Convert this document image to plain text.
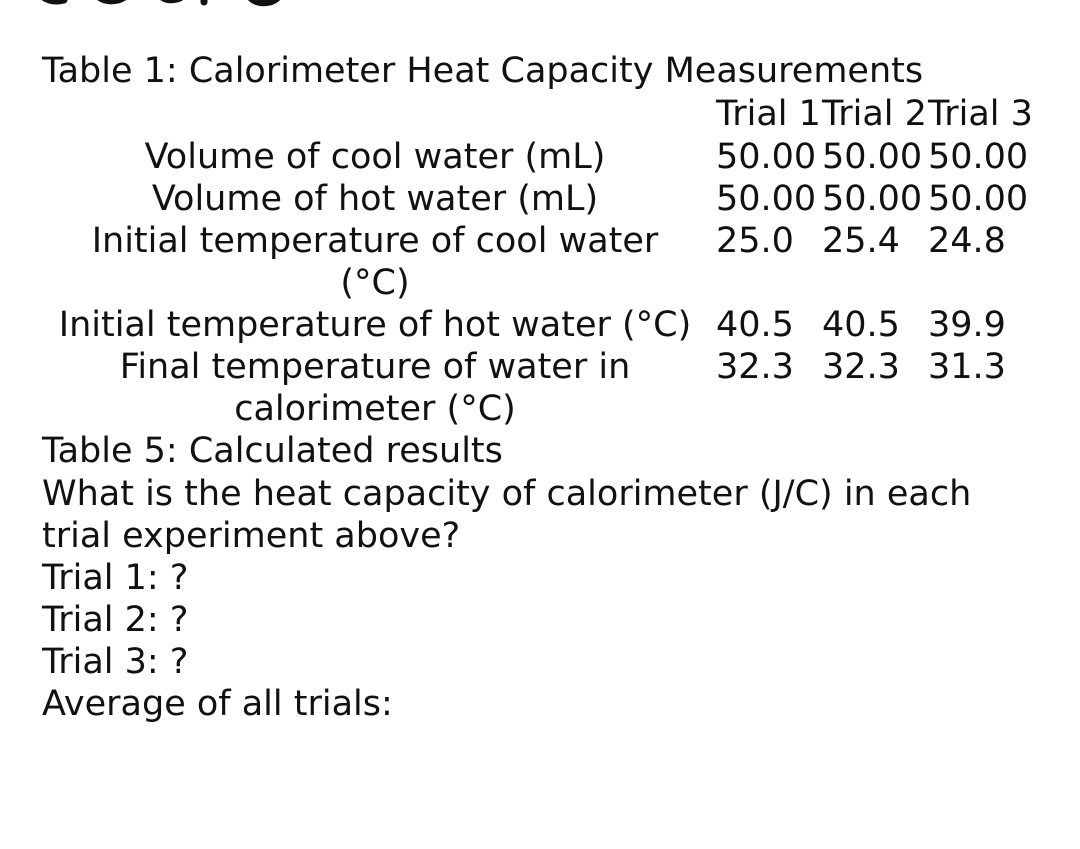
Table 1: Calorimeter Heat Capacity Measurements
Trial 1 Trial 2 Trial 3
Volume of cool water (mL)	50.00 50.00 50.00
Volume of hot water (mL)	50.00 50.00 50.00
Initial temperature of cool water
(°C)
25.0 25.4 24.8
Initial temperature of hot water (°C) 40.5 40.5 39.9
Final temperature of water in
calorimeter (°C)
32.3 32.3 31.3
Table 5: Calculated results
What is the heat capacity of calorimeter (J/C) in each
trial experiment above?
Trial 1: ?
Trial 2: ?
Trial 3: ?
Average of all trials:
